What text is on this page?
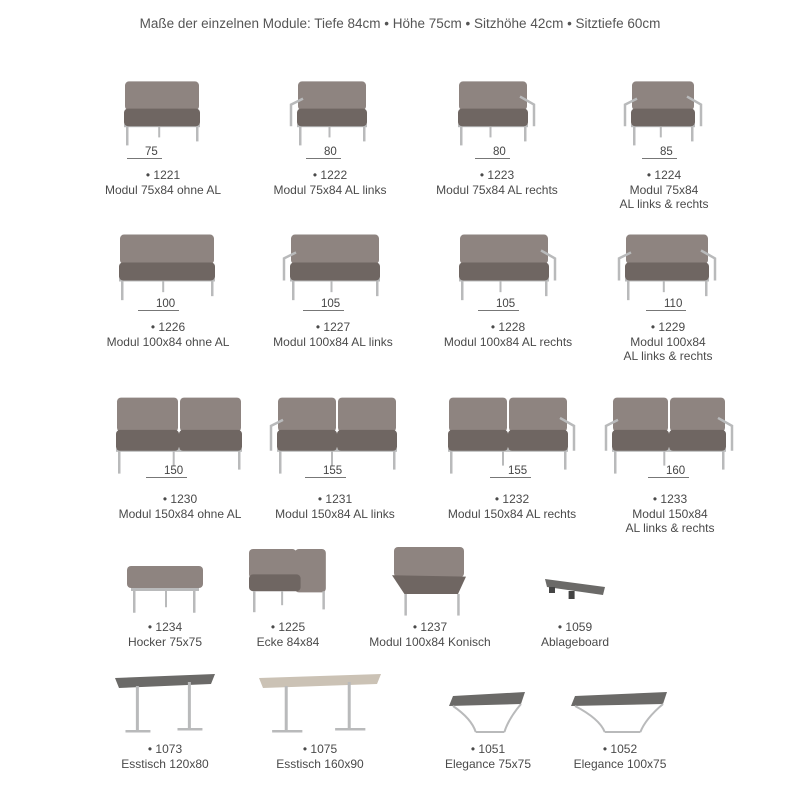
Maße der einzelnen Module: Tiefe 84cm • Höhe 75cm • Sitzhöhe 42cm • Sitztiefe 60cm
75
• 1221
Modul 75x84 ohne AL
80
• 1222
Modul 75x84 AL links
80
• 1223
Modul 75x84 AL rechts
85
• 1224
Modul 75x84
AL links & rechts
100
• 1226
Modul 100x84 ohne AL
105
• 1227
Modul 100x84 AL links
105
• 1228
Modul 100x84 AL rechts
110
• 1229
Modul 100x84
AL links & rechts
150
• 1230
Modul 150x84 ohne AL
155
• 1231
Modul 150x84 AL links
155
• 1232
Modul 150x84 AL rechts
160
• 1233
Modul 150x84
AL links & rechts
• 1234
Hocker 75x75
• 1225
Ecke 84x84
• 1237
Modul 100x84 Konisch
• 1059
Ablageboard
• 1073
Esstisch 120x80
• 1075
Esstisch 160x90
• 1051
Elegance 75x75
• 1052
Elegance 100x75
